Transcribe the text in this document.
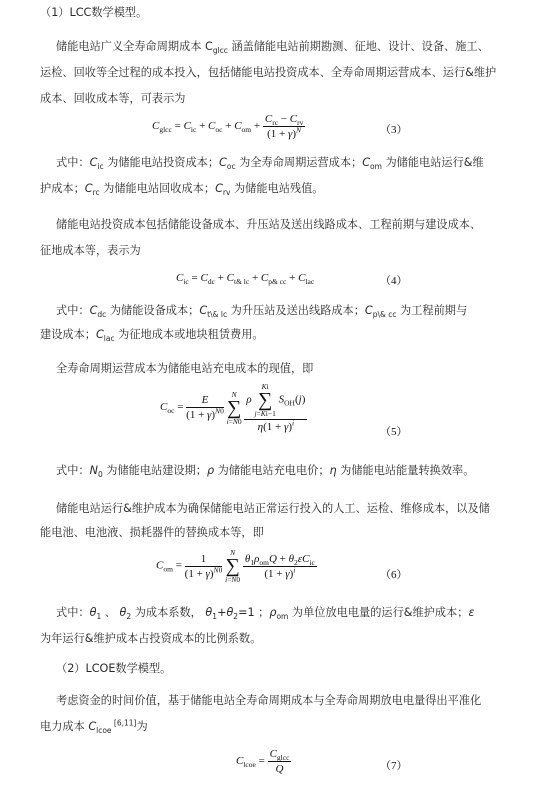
（1）LCC数学模型。
储能电站广义全寿命周期成本 $C_{glcc}$ 涵盖储能电站前期勘测、征地、设计、设备、施工、
运检、回收等全过程的成本投入，包括储能电站投资成本、全寿命周期运营成本、运行&维护
成本、回收成本等，可表示为
$C_{glcc} = C_{ic} + C_{oc} + C_{om} + \frac{C_{rc} - C_{rv}}{(1 + \gamma)^N}$	（3）
式中：$C_{ic}$ 为储能电站投资成本；$C_{oc}$ 为全寿命周期运营成本；$C_{om}$ 为储能电站运行&维
护成本；$C_{rc}$ 为储能电站回收成本；$C_{rv}$ 为储能电站残值。
储能电站投资成本包括储能设备成本、升压站及送出线路成本、工程前期与建设成本、
征地成本等，表示为
$C_{ic} = C_{dc} + C_{t\& lc} + C_{p\& cc} + C_{lac}$	（4）
式中：$C_{dc}$ 为储能设备成本；$C_{t\backslash\& lc}$ 为升压站及送出线路成本；$C_{p\backslash\& cc}$ 为工程前期与
建设成本；$C_{lac}$ 为征地成本或地块租赁费用。
全寿命周期运营成本为储能电站充电成本的现值，即
$C_{oc} = \frac{E}{(1 + \gamma)^{N0}}$ N
∑
i=N0 ρ Ki
∑
j=Ki−1 $S_{OH}(j)$
$\eta(1 + \gamma)^i$	（5）
式中：$N_0$ 为储能电站建设期；ρ 为储能电站充电电价；η 为储能电站能量转换效率。
储能电站运行&维护成本为确保储能电站正常运行投入的人工、运检、维修成本，以及储
能电池、电池液、损耗器件的替换成本等，即
$C_{om} = \frac{1}{(1 + \gamma)^{N0}}$ N
∑
$i=N0 \frac{\theta_1\rho_{om}Q + \theta_2\varepsilon C_{ic}}{(1 + \gamma)^i}$	（6）
式中：$\theta_1$ 、 $\theta_2$ 为成本系数， $\theta_1+\theta_2=1$ ；$\rho_{om}$ 为单位放电电量的运行&维护成本；ε
为年运行&维护成本占投资成本的比例系数。
（2）LCOE数学模型。
考虑资金的时间价值，基于储能电站全寿命周期成本与全寿命周期放电电量得出平准化
电力成本 $C_{lcoe}$ [6,11]为
$C_{lcoe} = \frac{C_{glcc}}{Q}$	（7）
